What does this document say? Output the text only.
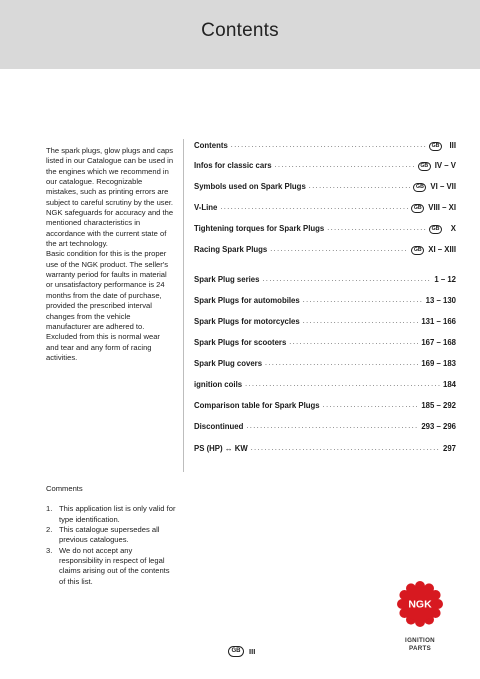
Contents

The spark plugs, glow plugs and caps listed in our Catalogue can be used in the engines which we recommend in our catalogue. Recognizable mistakes, such as printing errors are subject to careful scrutiny by the user.

NGK safeguards for accuracy and the mentioned characteristics in accordance with the current state of the art technology.

Basic condition for this is the proper use of the NGK product. The seller's warranty period for faults in material or unsatisfactory performance is 24 months from the date of purchase, provided the prescribed interval changes from the vehicle manufacturer are adhered to. Excluded from this is normal wear and tear and any form of racing activities.

Contents .....	GB	III
Infos for classic cars .....	GB IV – V
Symbols used on Spark Plugs .....	GB VI – VII
V-Line .....	GB VIII – XI
Tightening torques for Spark Plugs .....	GB	X
Racing Spark Plugs .....	GB XI – XIII
Spark Plug series .....	1 – 12
Spark Plugs for automobiles .....	13 – 130
Spark Plugs for motorcycles .....	131 – 166
Spark Plugs for scooters .....	167 – 168
Spark Plug covers .....	169 – 183
ignition coils .....	184
Comparison table for Spark Plugs .....	185 – 292
Discontinued .....	293 – 296
PS (HP) ↔ KW .....	297
Comments
1. This application list is only valid for type identification.
2. This catalogue supersedes all previous catalogues.
3. We do not accept any responsibility in respect of legal claims arising out of the contents of this list.
NGK
IGNITION
PARTS
GB	III
